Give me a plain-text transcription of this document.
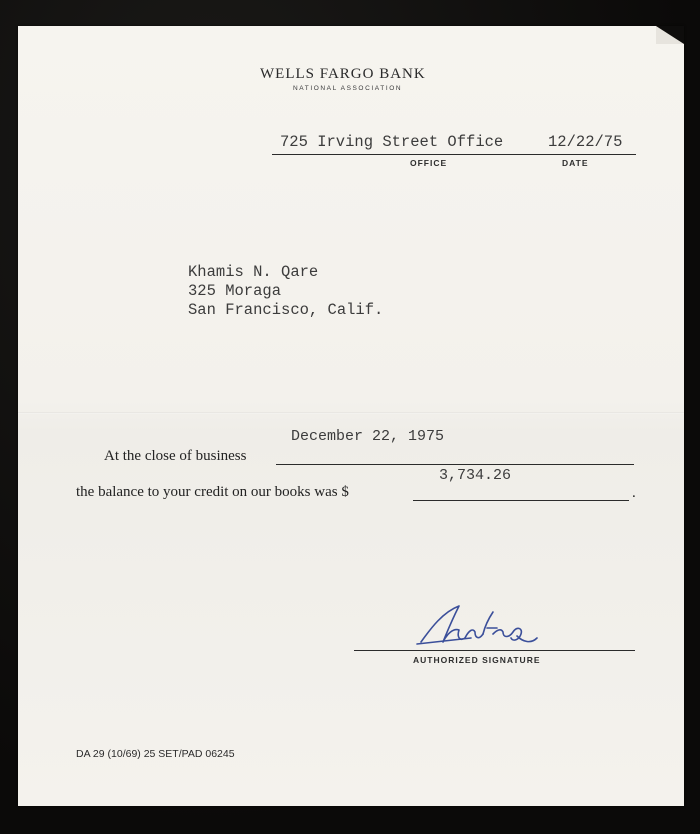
WELLS FARGO BANK
NATIONAL ASSOCIATION
725 Irving Street Office	12/22/75
OFFICE	DATE
Khamis N. Qare
325 Moraga
San Francisco, Calif.
At the close of business
December 22, 1975
the balance to your credit on our books was $
3,734.26
.
AUTHORIZED SIGNATURE
DA 29 (10/69) 25 SET/PAD 06245
